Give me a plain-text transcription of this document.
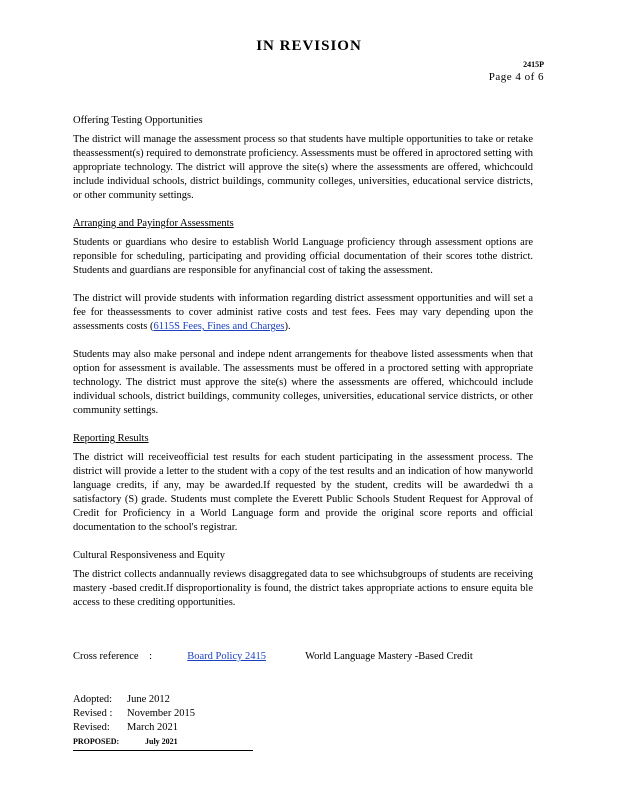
IN REVISION
2415P
Page 4 of 6
Offering Testing Opportunities

The district will manage the assessment process so that students have multiple opportunities to take or retake theassessment(s) required to demonstrate proficiency. Assessments must be offered in aproctored setting with appropriate technology. The district will approve the site(s) where the assessments are offered, whichcould include individual schools, district buildings, community colleges, universities, educational service districts, or other community settings.

Arranging and Payingfor Assessments

Students or guardians who desire to establish World Language proficiency through assessment options are reponsible for scheduling, participating and providing official documentation of their scores tothe district. Students and guardians are responsible for anyfinancial cost of taking the assessment.

The district will provide students with information regarding district assessment opportunities and will set a fee for theassessments to cover administ rative costs and test fees. Fees may vary depending upon the assessments costs (6115S Fees, Fines and Charges).

Students may also make personal and indepe ndent arrangements for theabove listed assessments when that option for assessment is available. The assessments must be offered in a proctored setting with appropriate technology. The district must approve the site(s) where the assessments are offered, whichcould include individual schools, district buildings, community colleges, universities, educational service districts, or other community settings.

Reporting Results

The district will receiveofficial test results for each student participating in the assessment process. The district will provide a letter to the student with a copy of the test results and an indication of how manyworld language credits, if any, may be awarded.If requested by the student, credits will be awardedwi th a satisfactory (S) grade. Students must complete the Everett Public Schools Student Request for Approval of Credit for Proficiency in a World Language form and provide the original score reports and official documentation to the school's registrar.

Cultural Responsiveness and Equity

The district collects andannually reviews disaggregated data to see whichsubgroups of students are receiving mastery -based credit.If disproportionality is found, the district takes appropriate actions to ensure equita ble access to these crediting opportunities.

Cross reference :	Board Policy 2415	World Language Mastery -Based Credit
Adopted:	June 2012
Revised :	November 2015
Revised:	March 2021
PROPOSED:	July 2021
